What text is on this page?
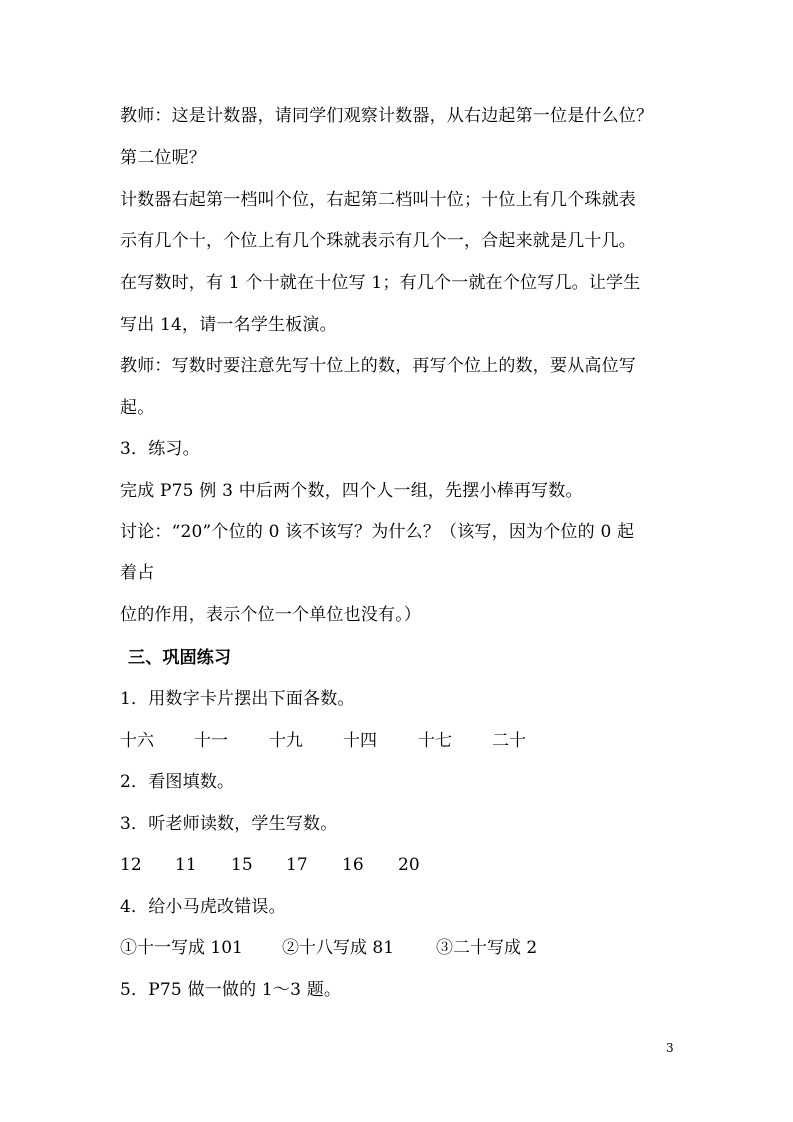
教师：这是计数器，请同学们观察计数器，从右边起第一位是什么位？
第二位呢？
计数器右起第一档叫个位，右起第二档叫十位；十位上有几个珠就表
示有几个十，个位上有几个珠就表示有几个一，合起来就是几十几。
在写数时，有 1 个十就在十位写 1；有几个一就在个位写几。让学生
写出 14，请一名学生板演。
教师：写数时要注意先写十位上的数，再写个位上的数，要从高位写
起。
3．练习。
完成 P75 例 3 中后两个数，四个人一组，先摆小棒再写数。
讨论：“20”个位的 0 该不该写？为什么？（该写，因为个位的 0 起
着占
位的作用，表示个位一个单位也没有。）
三、巩固练习
1．用数字卡片摆出下面各数。
十六 十一 十九 十四 十七 二十
2．看图填数。
3．听老师读数，学生写数。
12 11 15 17 16 20
4．给小马虎改错误。
①十一写成 101 ②十八写成 81 ③二十写成 2
5．P75 做一做的 1～3 题。
3
